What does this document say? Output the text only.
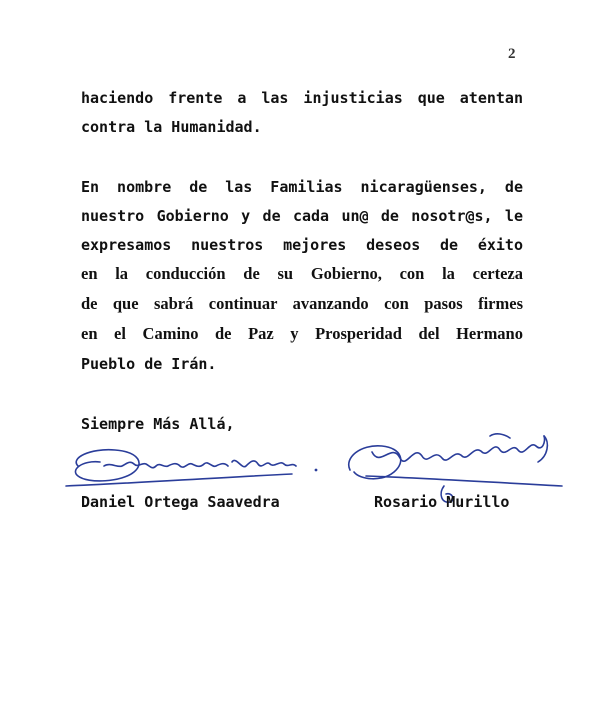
2
haciendo frente a las injusticias que atentan
contra la Humanidad.
En nombre de las Familias nicaragüenses, de
nuestro Gobierno y de cada un@ de nosotr@s, le
expresamos nuestros mejores deseos de éxito
en la conducción de su Gobierno, con la certeza
de que sabrá continuar avanzando con pasos firmes
en el Camino de Paz y Prosperidad del Hermano
Pueblo de Irán.
Siempre Más Allá,
Daniel Ortega Saavedra	Rosario Murillo
